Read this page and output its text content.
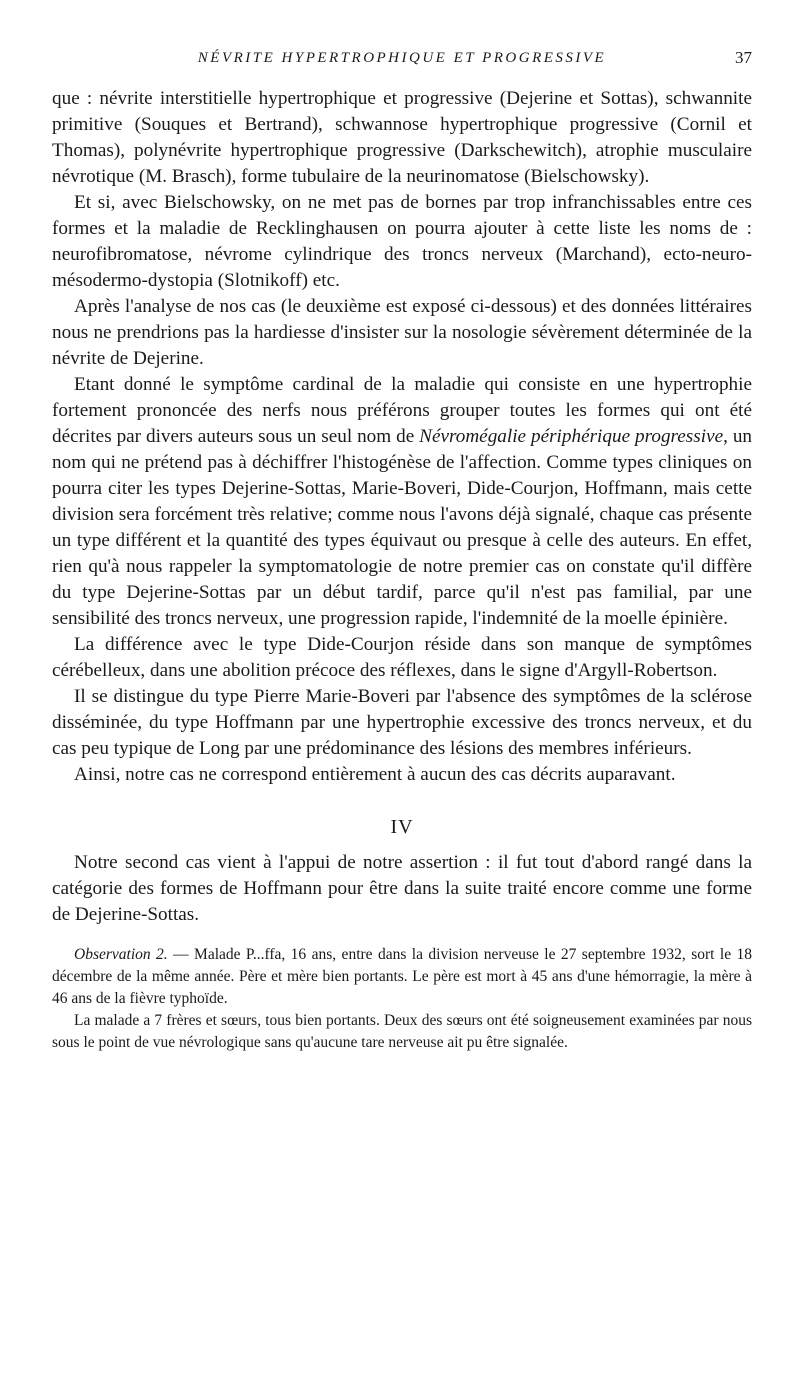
NÉVRITE HYPERTROPHIQUE ET PROGRESSIVE	37

que : névrite interstitielle hypertrophique et progressive (Dejerine et Sottas), schwannite primitive (Souques et Bertrand), schwannose hypertrophique progressive (Cornil et Thomas), polynévrite hypertrophique progressive (Darkschewitch), atrophie musculaire névrotique (M. Brasch), forme tubulaire de la neurinomatose (Bielschowsky).

Et si, avec Bielschowsky, on ne met pas de bornes par trop infranchissables entre ces formes et la maladie de Recklinghausen on pourra ajouter à cette liste les noms de : neurofibromatose, névrome cylindrique des troncs nerveux (Marchand), ecto-neuro-mésodermo-dystopia (Slotnikoff) etc.

Après l'analyse de nos cas (le deuxième est exposé ci-dessous) et des données littéraires nous ne prendrions pas la hardiesse d'insister sur la nosologie sévèrement déterminée de la névrite de Dejerine.

Etant donné le symptôme cardinal de la maladie qui consiste en une hypertrophie fortement prononcée des nerfs nous préférons grouper toutes les formes qui ont été décrites par divers auteurs sous un seul nom de Névromégalie périphérique progressive, un nom qui ne prétend pas à déchiffrer l'histogénèse de l'affection. Comme types cliniques on pourra citer les types Dejerine-Sottas, Marie-Boveri, Dide-Courjon, Hoffmann, mais cette division sera forcément très relative; comme nous l'avons déjà signalé, chaque cas présente un type différent et la quantité des types équivaut ou presque à celle des auteurs. En effet, rien qu'à nous rappeler la symptomatologie de notre premier cas on constate qu'il diffère du type Dejerine-Sottas par un début tardif, parce qu'il n'est pas familial, par une sensibilité des troncs nerveux, une progression rapide, l'indemnité de la moelle épinière.

La différence avec le type Dide-Courjon réside dans son manque de symptômes cérébelleux, dans une abolition précoce des réflexes, dans le signe d'Argyll-Robertson.

Il se distingue du type Pierre Marie-Boveri par l'absence des symptômes de la sclérose disséminée, du type Hoffmann par une hypertrophie excessive des troncs nerveux, et du cas peu typique de Long par une prédominance des lésions des membres inférieurs.

Ainsi, notre cas ne correspond entièrement à aucun des cas décrits auparavant.

IV

Notre second cas vient à l'appui de notre assertion : il fut tout d'abord rangé dans la catégorie des formes de Hoffmann pour être dans la suite traité encore comme une forme de Dejerine-Sottas.

Observation 2. — Malade P...ffa, 16 ans, entre dans la division nerveuse le 27 septembre 1932, sort le 18 décembre de la même année. Père et mère bien portants. Le père est mort à 45 ans d'une hémorragie, la mère à 46 ans de la fièvre typhoïde.

La malade a 7 frères et sœurs, tous bien portants. Deux des sœurs ont été soigneusement examinées par nous sous le point de vue névrologique sans qu'aucune tare nerveuse ait pu être signalée.
